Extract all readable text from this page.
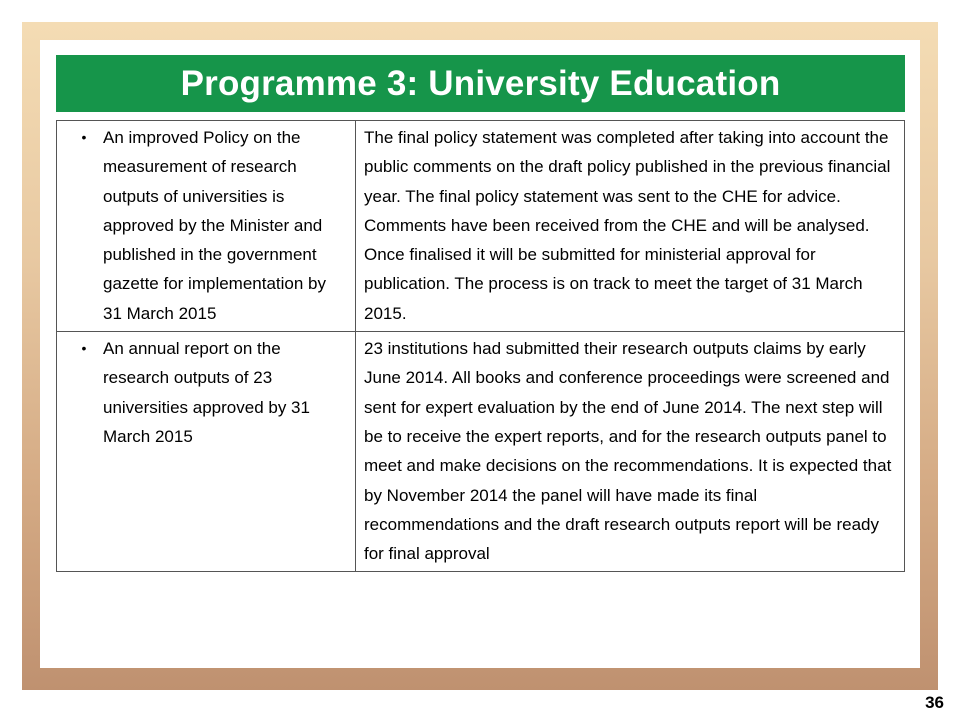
Programme 3: University Education
• An improved Policy on the measurement of research outputs of universities is approved by the Minister and published in the government gazette for implementation by 31 March 2015	The final policy statement was completed after taking into account the public comments on the draft policy published in the previous financial year. The final policy statement was sent to the CHE for advice. Comments have been received from the CHE and will be analysed. Once finalised it will be submitted for ministerial approval for publication. The process is on track to meet the target of 31 March 2015.

• An annual report on the research outputs of 23 universities approved by 31 March 2015	23 institutions had submitted their research outputs claims by early June 2014. All books and conference proceedings were screened and sent for expert evaluation by the end of June 2014. The next step will be to receive the expert reports, and for the research outputs panel to meet and make decisions on the recommendations. It is expected that by November 2014 the panel will have made its final recommendations and the draft research outputs report will be ready for final approval
36
